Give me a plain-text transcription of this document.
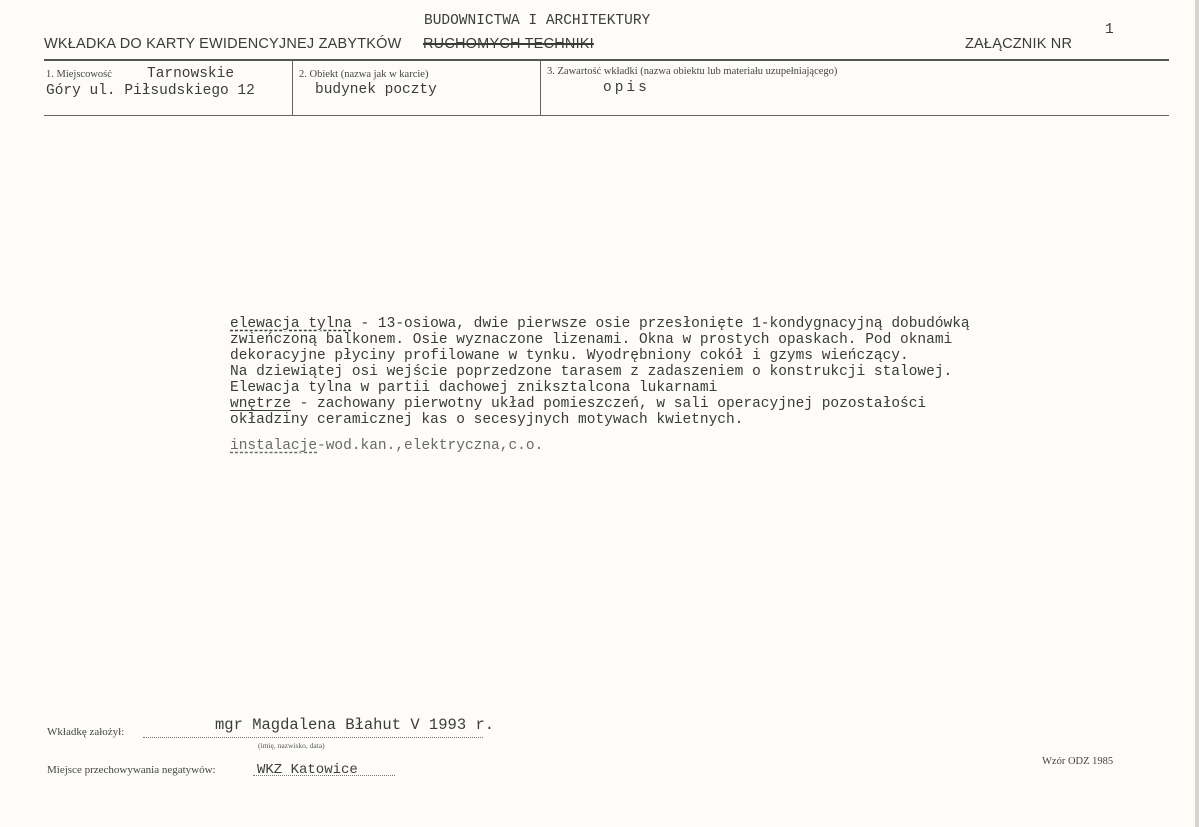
BUDOWNICTWA I ARCHITEKTURY
WKŁADKA DO KARTY EWIDENCYJNEJ ZABYTKÓW RUCHOMYCH TECHNIKI	ZAŁĄCZNIK NR
1
1. Miejscowość Tarnowskie
Góry ul. Piłsudskiego 12
2. Obiekt (nazwa jak w karcie)
budynek poczty
3. Zawartość wkładki (nazwa obiektu lub materiału uzupełniającego)
opis
elewacja tylna - 13-osiowa, dwie pierwsze osie przesłonięte 1-kondygnacyjną dobudówką
zwieńczoną balkonem. Osie wyznaczone lizenami. Okna w prostych opaskach. Pod oknami
dekoracyjne płyciny profilowane w tynku. Wyodrębniony cokół i gzyms wieńczący.
Na dziewiątej osi wejście poprzedzone tarasem z zadaszeniem o konstrukcji stalowej.
Elewacja tylna w partii dachowej zniksztalcona lukarnami
wnętrze - zachowany pierwotny układ pomieszczeń, w sali operacyjnej pozostałości
okładziny ceramicznej kas o secesyjnych motywach kwietnych.
instalacje-wod.kan.,elektryczna,c.o.
Wkładkę założył:	mgr Magdalena Błahut V 1993 r.
(imię, nazwisko, data)
Miejsce przechowywania negatywów:	WKZ Katowice
Wzór ODZ 1985
